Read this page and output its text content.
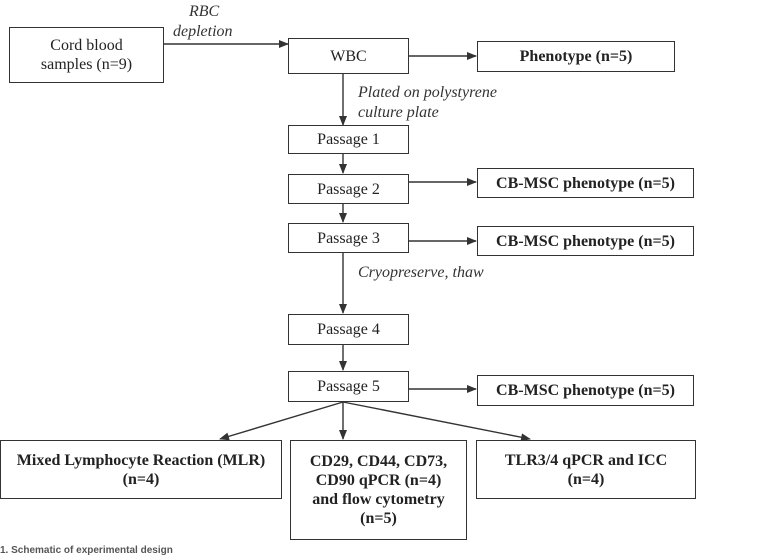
RBC
depletion
Plated on polystyrene
culture plate
Cryopreserve, thaw
Cord blood
samples (n=9)	WBC	Phenotype (n=5)
Passage 1
Passage 2	CB-MSC phenotype (n=5)
Passage 3	CB-MSC phenotype (n=5)
Passage 4
Passage 5	CB-MSC phenotype (n=5)
Mixed Lymphocyte Reaction (MLR)
(n=4)
CD29, CD44, CD73,
CD90 qPCR (n=4)
and flow cytometry
(n=5)
TLR3/4 qPCR and ICC
(n=4)
1. Schematic of experimental design
